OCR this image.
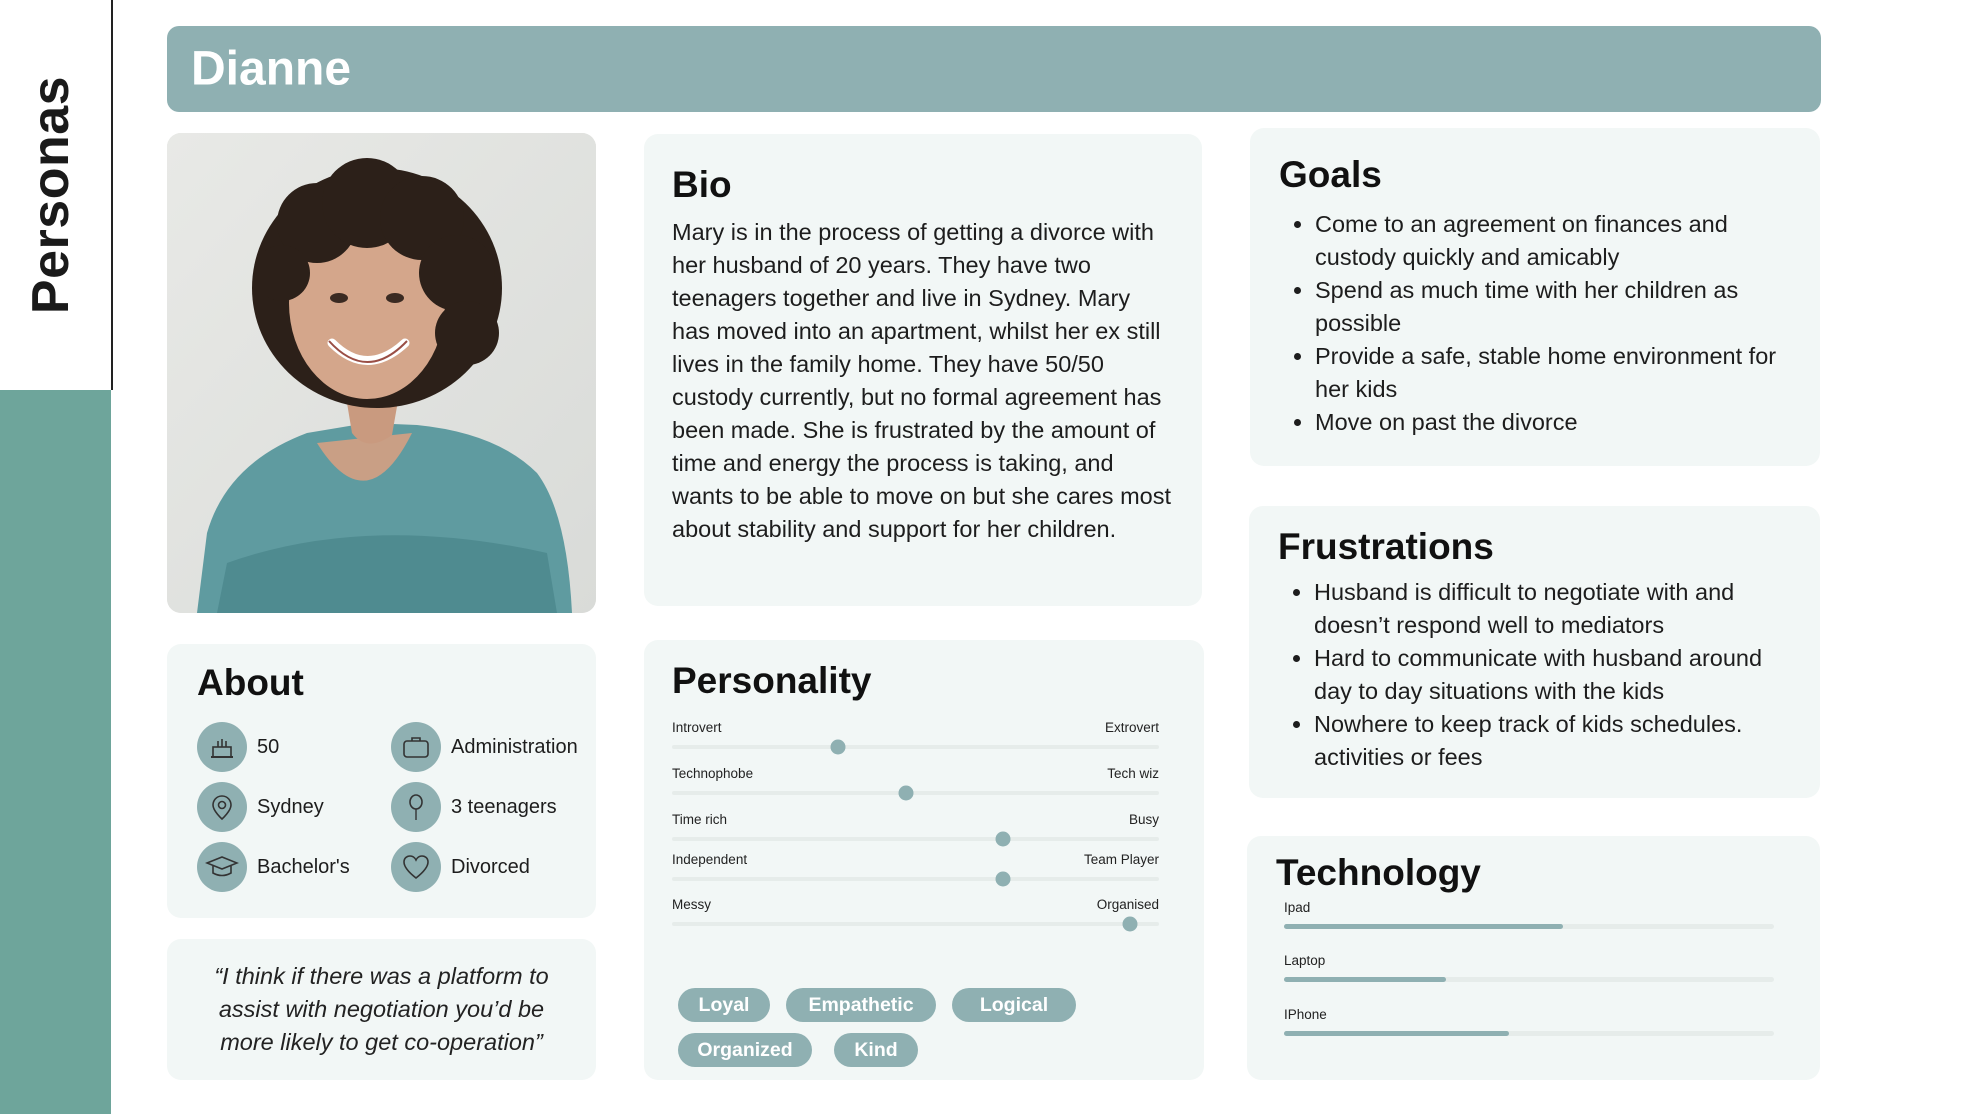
Personas
Dianne
Bio
Mary is in the process of getting a divorce with her husband of 20 years. They have two teenagers together and live in Sydney. Mary has moved into an apartment, whilst her ex still lives in the family home. They have 50/50 custody currently, but no formal agreement has been made. She is frustrated by the amount of time and energy the process is taking, and wants to be able to move on but she cares most about stability and support for her children.
Goals
• Come to an agreement on finances and custody quickly and amicably
• Spend as much time with her children as possible
• Provide a safe, stable home environment for her kids
• Move on past the divorce
Frustrations
• Husband is difficult to negotiate with and doesn’t respond well to mediators
• Hard to communicate with husband around day to day situations with the kids
• Nowhere to keep track of kids schedules. activities or fees
About
50	Administration
Sydney	3 teenagers
Bachelor's	Divorced
“I think if there was a platform to assist with negotiation you’d be more likely to get co-operation”
Personality
Introvert	Extrovert
Technophobe	Tech wiz
Time rich	Busy
Independent	Team Player
Messy	Organised
Loyal	Empathetic	Logical
Organized	Kind
Technology
Ipad
Laptop
IPhone
